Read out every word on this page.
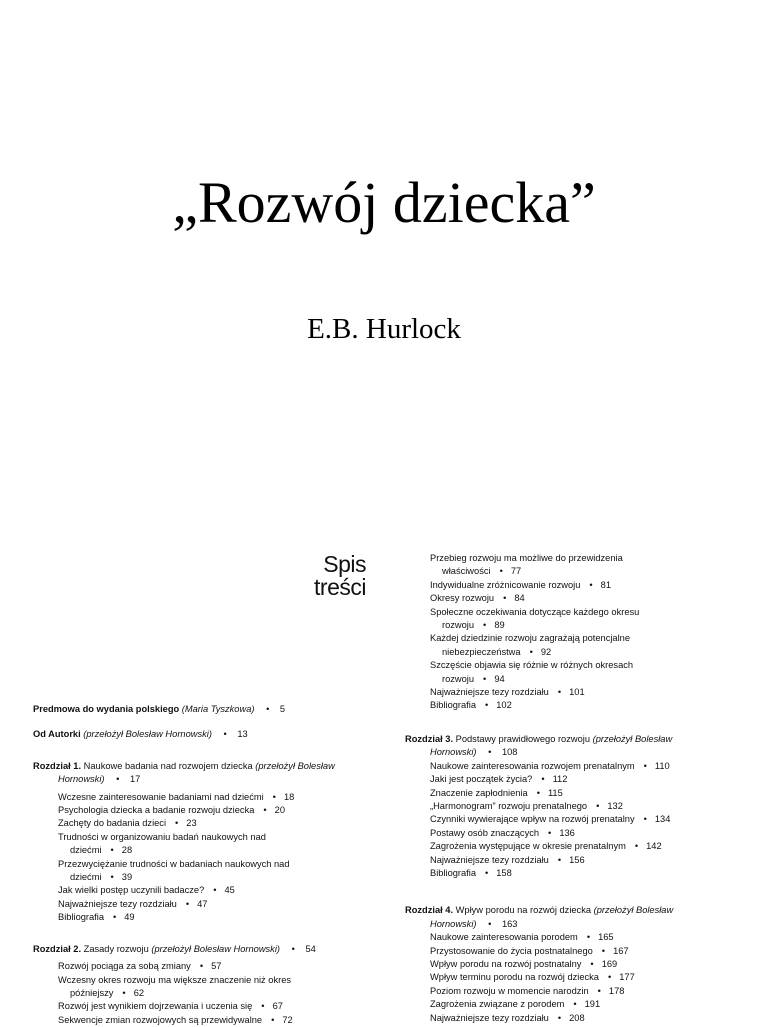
„Rozwój dziecka”
E.B. Hurlock
Spis
treści
Predmowa do wydania polskiego (Maria Tyszkowa) • 5
Od Autorki (przełożył Bolesław Hornowski) • 13
Rozdział 1. Naukowe badania nad rozwojem dziecka (przełożył Bolesław
Hornowski) • 17
Wczesne zainteresowanie badaniami nad dziećmi • 18
Psychologia dziecka a badanie rozwoju dziecka • 20
Zachęty do badania dzieci • 23
Trudności w organizowaniu badań naukowych nad
dziećmi • 28
Przezwyciężanie trudności w badaniach naukowych nad
dziećmi • 39
Jak wielki postęp uczynili badacze? • 45
Najważniejsze tezy rozdziału • 47
Bibliografia • 49
Rozdział 2. Zasady rozwoju (przełożył Bolesław Hornowski) • 54
Rozwój pociąga za sobą zmiany • 57
Wczesny okres rozwoju ma większe znaczenie niż okres
późniejszy • 62
Rozwój jest wynikiem dojrzewania i uczenia się • 67
Sekwencje zmian rozwojowych są przewidywalne • 72
Przebieg rozwoju ma możliwe do przewidzenia
właściwości • 77
Indywidualne zróżnicowanie rozwoju • 81
Okresy rozwoju • 84
Społeczne oczekiwania dotyczące każdego okresu
rozwoju • 89
Każdej dziedzinie rozwoju zagrażają potencjalne
niebezpieczeństwa • 92
Szczęście objawia się różnie w różnych okresach
rozwoju • 94
Najważniejsze tezy rozdziału • 101
Bibliografia • 102
Rozdział 3. Podstawy prawidłowego rozwoju (przełożył Bolesław
Hornowski) • 108
Naukowe zainteresowania rozwojem prenatalnym • 110
Jaki jest początek życia? • 112
Znaczenie zapłodnienia • 115
„Harmonogram” rozwoju prenatalnego • 132
Czynniki wywierające wpływ na rozwój prenatalny • 134
Postawy osób znaczących • 136
Zagrożenia występujące w okresie prenatalnym • 142
Najważniejsze tezy rozdziału • 156
Bibliografia • 158
Rozdział 4. Wpływ porodu na rozwój dziecka (przełożył Bolesław
Hornowski) • 163
Naukowe zainteresowania porodem • 165
Przystosowanie do życia postnatalnego • 167
Wpływ porodu na rozwój postnatalny • 169
Wpływ terminu porodu na rozwój dziecka • 177
Poziom rozwoju w momencie narodzin • 178
Zagrożenia związane z porodem • 191
Najważniejsze tezy rozdziału • 208
